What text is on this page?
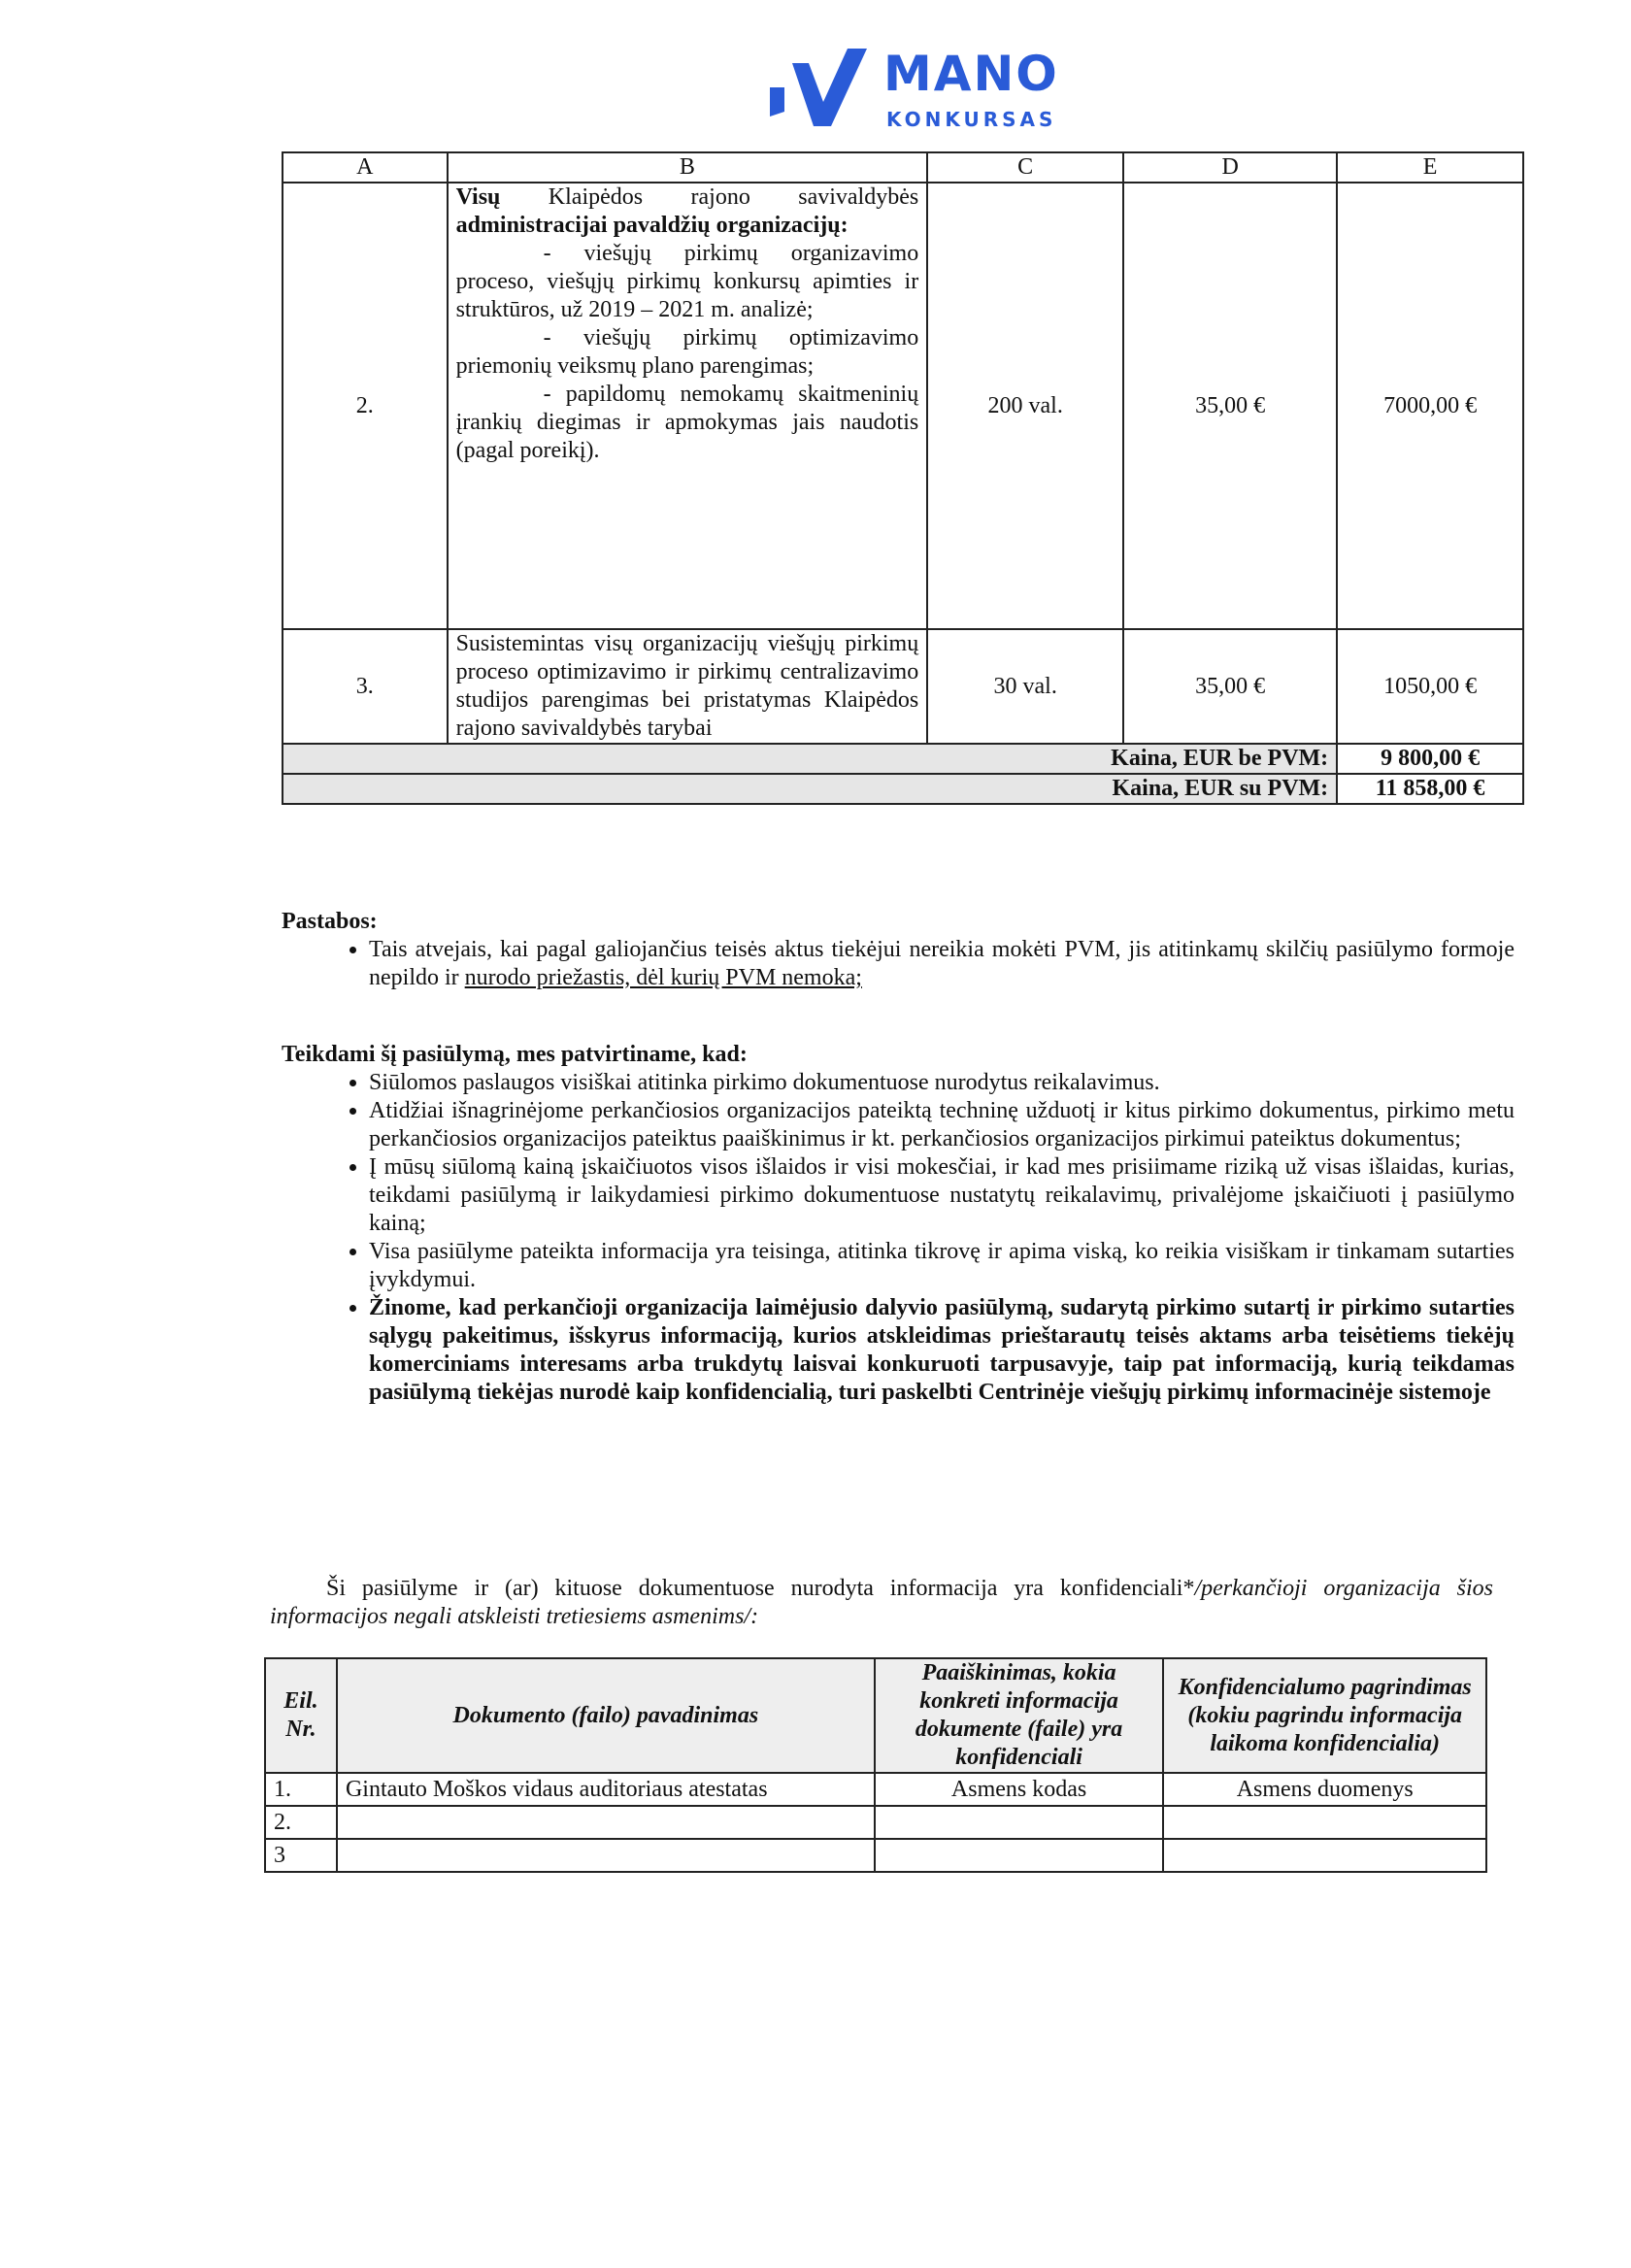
MANO
KONKURSAS
A	B	C	D	E
2.	Visų Klaipėdos rajono savivaldybės administracijai pavaldžių organizacijų:
- viešųjų pirkimų organizavimo proceso, viešųjų pirkimų konkursų apimties ir struktūros, už 2019 – 2021 m. analizė;
- viešųjų pirkimų optimizavimo priemonių veiksmų plano parengimas;
- papildomų nemokamų skaitmeninių įrankių diegimas ir apmokymas jais naudotis (pagal poreikį).	200 val.	35,00 €	7000,00 €
3.	Susistemintas visų organizacijų viešųjų pirkimų proceso optimizavimo ir pirkimų centralizavimo studijos parengimas bei pristatymas Klaipėdos rajono savivaldybės tarybai	30 val.	35,00 €	1050,00 €
Kaina, EUR be PVM:				9 800,00 €
Kaina, EUR su PVM:				11 858,00 €
Pastabos:
• Tais atvejais, kai pagal galiojančius teisės aktus tiekėjui nereikia mokėti PVM, jis atitinkamų skilčių pasiūlymo formoje nepildo ir nurodo priežastis, dėl kurių PVM nemoka;
Teikdami šį pasiūlymą, mes patvirtiname, kad:
• Siūlomos paslaugos visiškai atitinka pirkimo dokumentuose nurodytus reikalavimus.
• Atidžiai išnagrinėjome perkančiosios organizacijos pateiktą techninę užduotį ir kitus pirkimo dokumentus, pirkimo metu perkančiosios organizacijos pateiktus paaiškinimus ir kt. perkančiosios organizacijos pirkimui pateiktus dokumentus;
• Į mūsų siūlomą kainą įskaičiuotos visos išlaidos ir visi mokesčiai, ir kad mes prisiimame riziką už visas išlaidas, kurias, teikdami pasiūlymą ir laikydamiesi pirkimo dokumentuose nustatytų reikalavimų, privalėjome įskaičiuoti į pasiūlymo kainą;
• Visa pasiūlyme pateikta informacija yra teisinga, atitinka tikrovę ir apima viską, ko reikia visiškam ir tinkamam sutarties įvykdymui.
• Žinome, kad perkančioji organizacija laimėjusio dalyvio pasiūlymą, sudarytą pirkimo sutartį ir pirkimo sutarties sąlygų pakeitimus, išskyrus informaciją, kurios atskleidimas prieštarautų teisės aktams arba teisėtiems tiekėjų komerciniams interesams arba trukdytų laisvai konkuruoti tarpusavyje, taip pat informaciją, kurią teikdamas pasiūlymą tiekėjas nurodė kaip konfidencialią, turi paskelbti Centrinėje viešųjų pirkimų informacinėje sistemoje
Ši pasiūlyme ir (ar) kituose dokumentuose nurodyta informacija yra konfidenciali*/perkančioji organizacija šios informacijos negali atskleisti tretiesiems asmenims/:
Eil. Nr.	Dokumento (failo) pavadinimas	Paaiškinimas, kokia konkreti informacija dokumente (faile) yra konfidenciali	Konfidencialumo pagrindimas (kokiu pagrindu informacija laikoma konfidencialia)
1.	Gintauto Moškos vidaus auditoriaus atestatas	Asmens kodas	Asmens duomenys
2.			
3			
